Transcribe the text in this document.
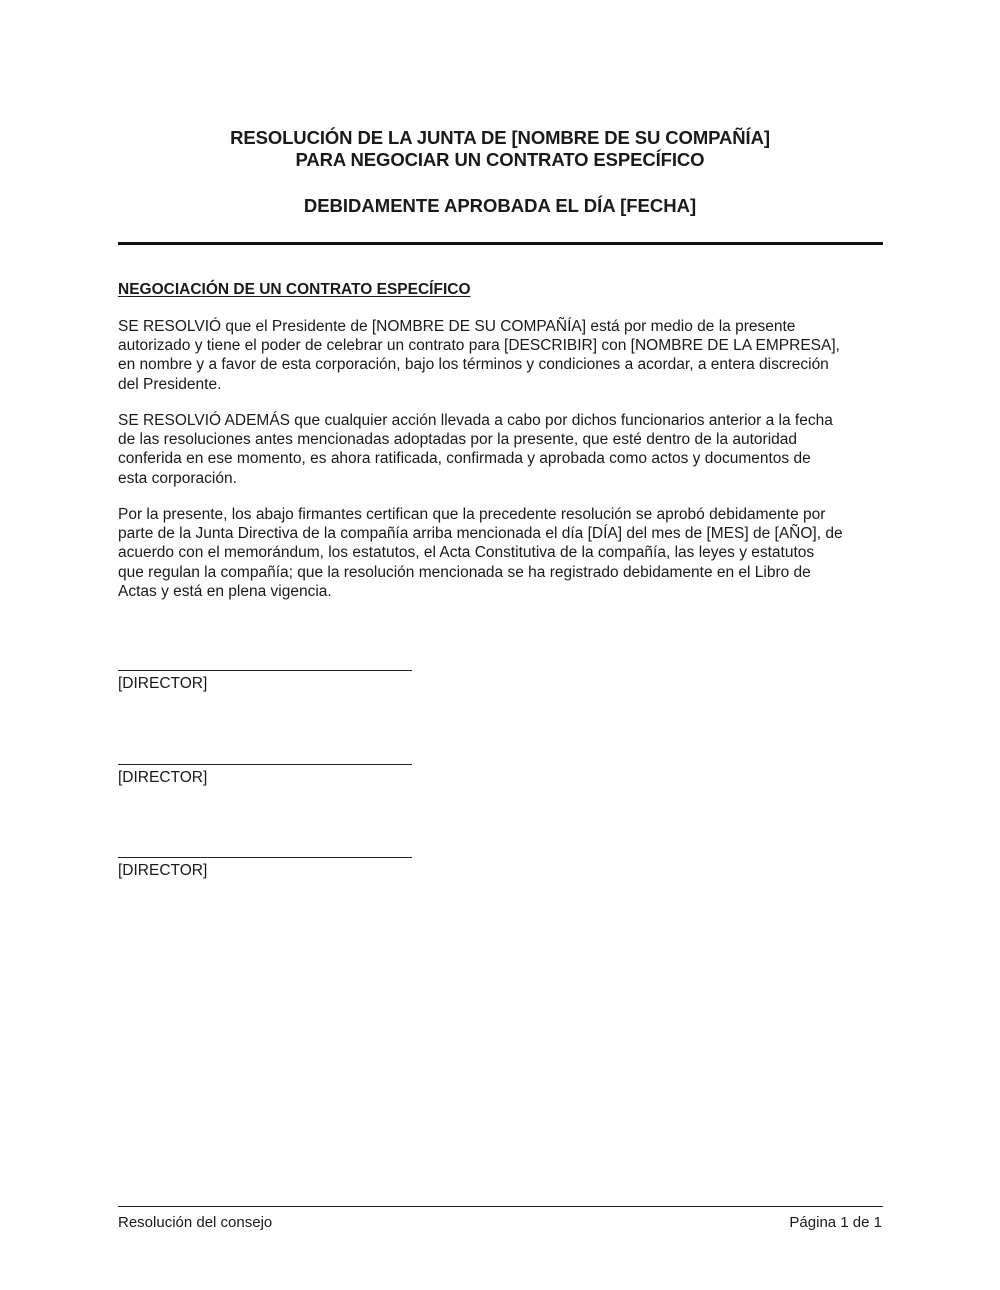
RESOLUCIÓN DE LA JUNTA DE [NOMBRE DE SU COMPAÑÍA]
PARA NEGOCIAR UN CONTRATO ESPECÍFICO
DEBIDAMENTE APROBADA EL DÍA [FECHA]
NEGOCIACIÓN DE UN CONTRATO ESPECÍFICO

SE RESOLVIÓ que el Presidente de [NOMBRE DE SU COMPAÑÍA] está por medio de la presente
autorizado y tiene el poder de celebrar un contrato para [DESCRIBIR] con [NOMBRE DE LA EMPRESA],
en nombre y a favor de esta corporación, bajo los términos y condiciones a acordar, a entera discreción
del Presidente.

SE RESOLVIÓ ADEMÁS que cualquier acción llevada a cabo por dichos funcionarios anterior a la fecha
de las resoluciones antes mencionadas adoptadas por la presente, que esté dentro de la autoridad
conferida en ese momento, es ahora ratificada, confirmada y aprobada como actos y documentos de
esta corporación.

Por la presente, los abajo firmantes certifican que la precedente resolución se aprobó debidamente por
parte de la Junta Directiva de la compañía arriba mencionada el día [DÍA] del mes de [MES] de [AÑO], de
acuerdo con el memorándum, los estatutos, el Acta Constitutiva de la compañía, las leyes y estatutos
que regulan la compañía; que la resolución mencionada se ha registrado debidamente en el Libro de
Actas y está en plena vigencia.

[DIRECTOR]
[DIRECTOR]
[DIRECTOR]
Resolución del consejo	Página 1 de 1
